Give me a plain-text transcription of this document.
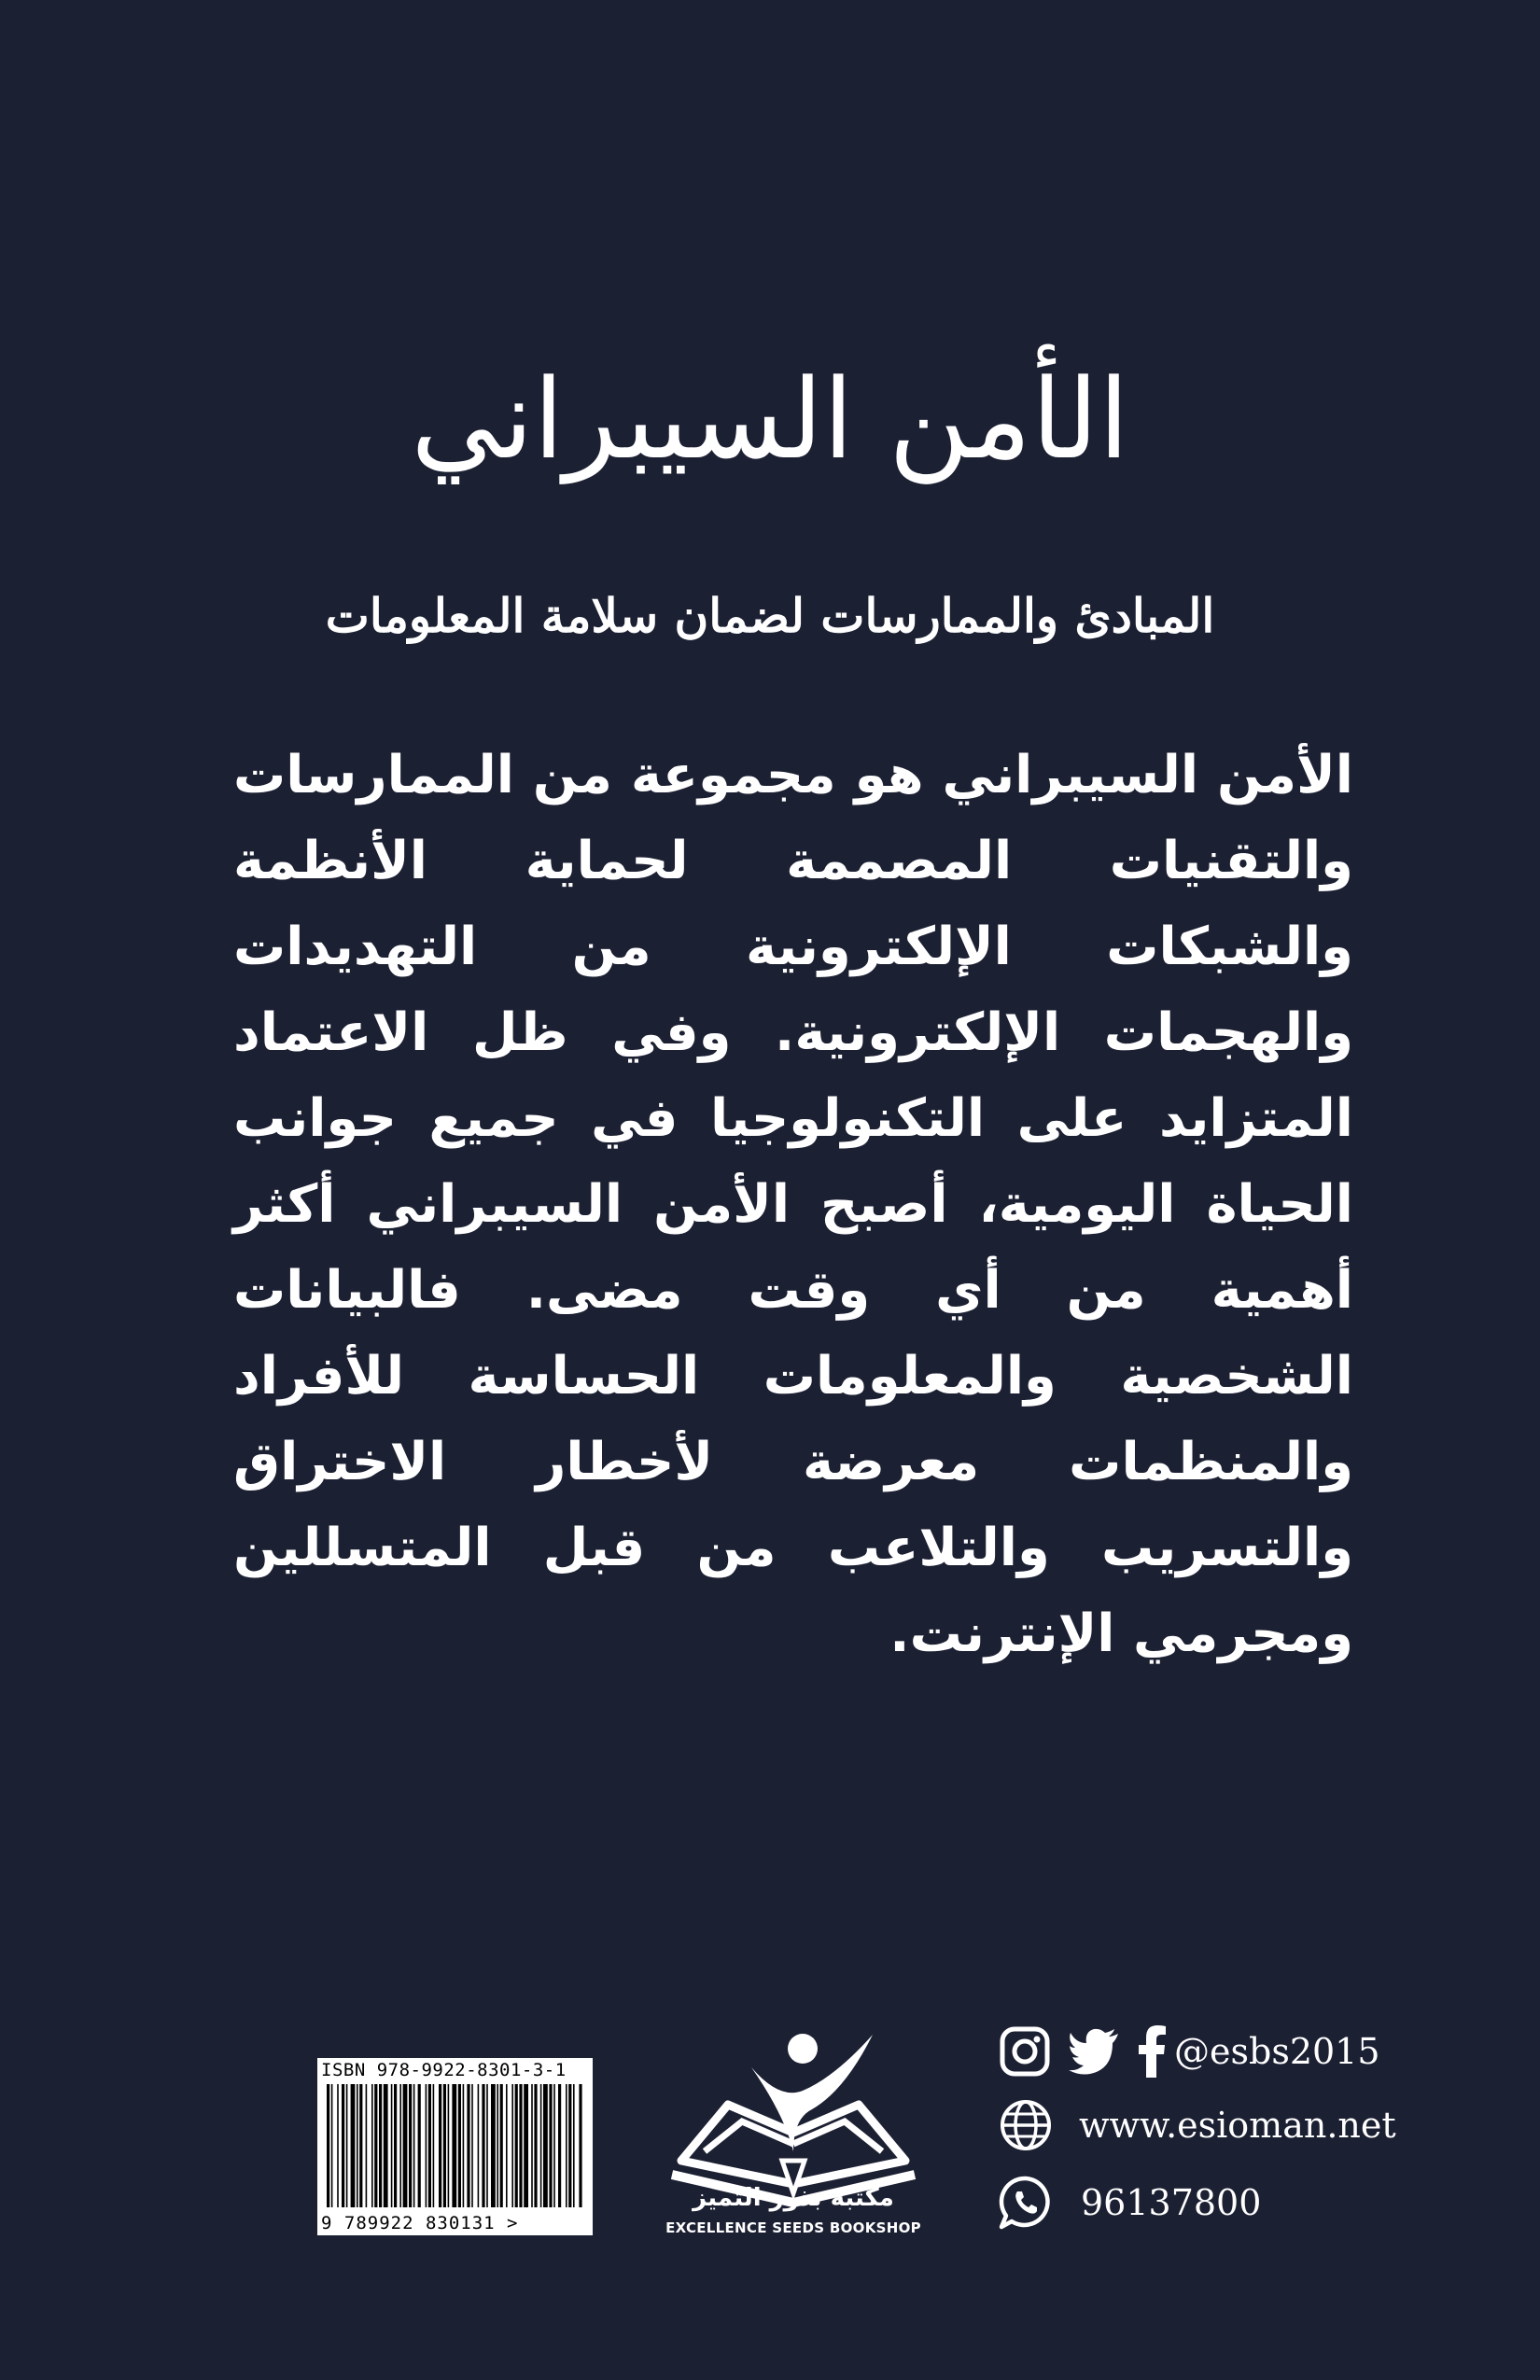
الأمن السيبراني
المبادئ والممارسات لضمان سلامة المعلومات
الأمن السيبراني هو مجموعة من الممارسات والتقنيات المصممة لحماية الأنظمة والشبكات الإلكترونية من التهديدات والهجمات الإلكترونية. وفي ظل الاعتماد المتزايد على التكنولوجيا في جميع جوانب الحياة اليومية، أصبح الأمن السيبراني أكثر أهمية من أي وقت مضى. فالبيانات الشخصية والمعلومات الحساسة للأفراد والمنظمات معرضة لأخطار الاختراق والتسريب والتلاعب من قبل المتسللين ومجرمي الإنترنت.
ISBN 978-9922-8301-3-1
9 789922 830131 >
مكتبة بذور التميز
EXCELLENCE SEEDS BOOKSHOP
@esbs2015
www.esioman.net
96137800
